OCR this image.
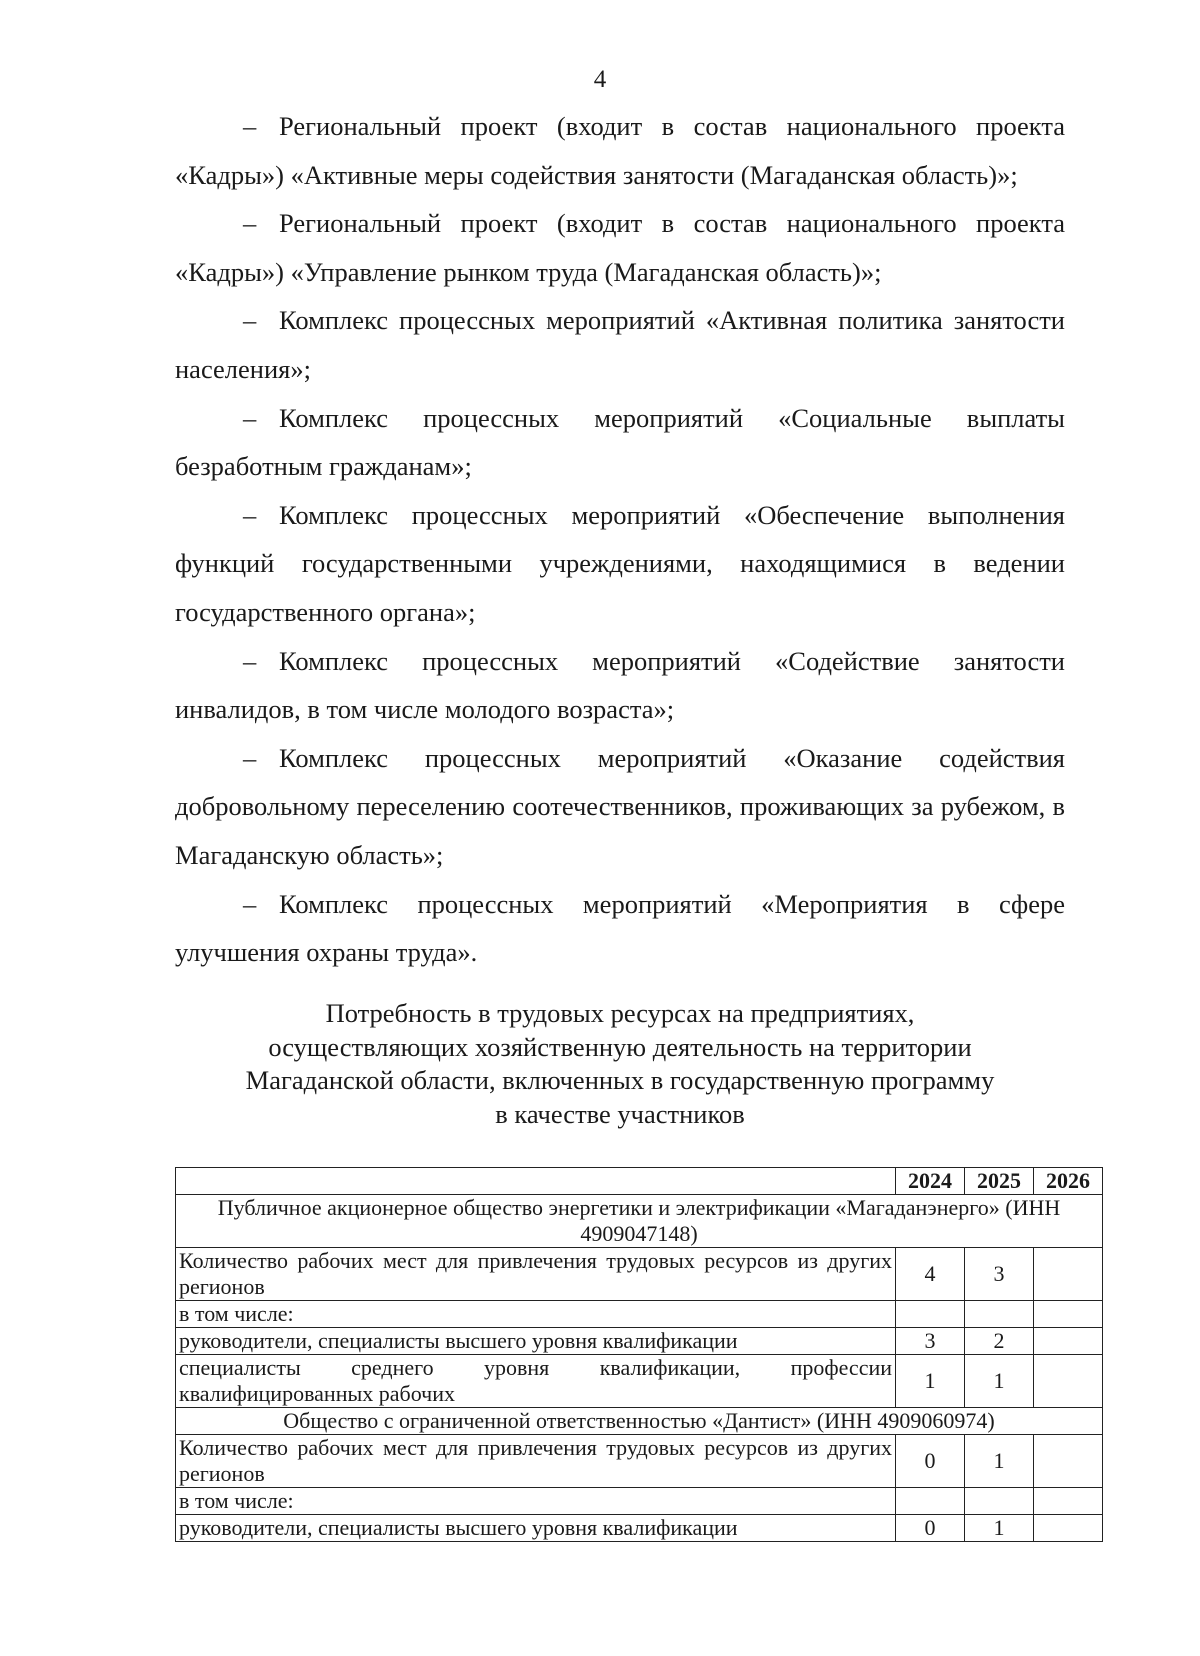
4

– Региональный проект (входит в состав национального проекта «Кадры») «Активные меры содействия занятости (Магаданская область)»;

– Региональный проект (входит в состав национального проекта «Кадры») «Управление рынком труда (Магаданская область)»;

– Комплекс процессных мероприятий «Активная политика занятости населения»;

– Комплекс процессных мероприятий «Социальные выплаты безработным гражданам»;

– Комплекс процессных мероприятий «Обеспечение выполнения функций государственными учреждениями, находящимися в ведении государственного органа»;

– Комплекс процессных мероприятий «Содействие занятости инвалидов, в том числе молодого возраста»;

– Комплекс процессных мероприятий «Оказание содействия добровольному переселению соотечественников, проживающих за рубежом, в Магаданскую область»;

– Комплекс процессных мероприятий «Мероприятия в сфере улучшения охраны труда».

Потребность в трудовых ресурсах на предприятиях,
осуществляющих хозяйственную деятельность на территории
Магаданской области, включенных в государственную программу
в качестве участников
	2024	2025	2026
Публичное акционерное общество энергетики и электрификации «Магаданэнерго» (ИНН 4909047148)			
Количество рабочих мест для привлечения трудовых ресурсов из других регионов	4	3	
в том числе:			
руководители, специалисты высшего уровня квалификации	3	2	
специалисты среднего уровня квалификации, профессии квалифицированных рабочих	1	1	
Общество с ограниченной ответственностью «Дантист» (ИНН 4909060974)			
Количество рабочих мест для привлечения трудовых ресурсов из других регионов	0	1	
в том числе:			
руководители, специалисты высшего уровня квалификации	0	1	
